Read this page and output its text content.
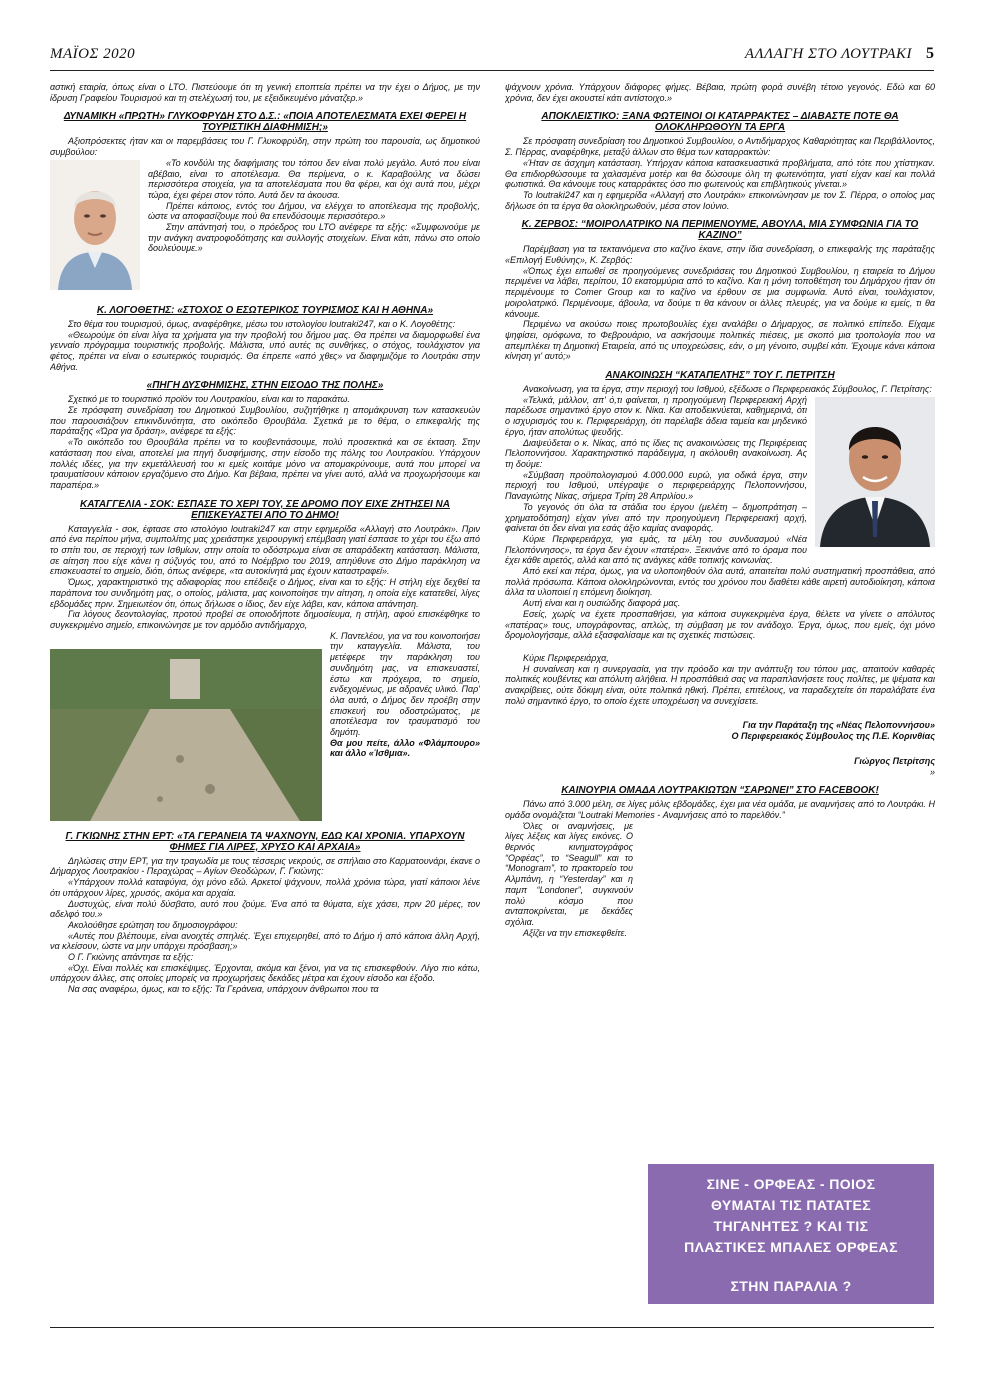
ΜΑΪΟΣ 2020	ΑΛΛΑΓΗ ΣΤΟ ΛΟΥΤΡΑΚΙ 5

αστική εταιρία, όπως είναι ο LTO. Πιστεύουμε ότι τη γενική εποπτεία πρέπει να την έχει ο Δήμος, με την ίδρυση Γραφείου Τουρισμού και τη στελέχωσή του, με εξειδικευμένο μάνατζερ.»

ΔΥΝΑΜΙΚΗ «ΠΡΩΤΗ» ΓΛΥΚΟΦΡΥΔΗ ΣΤΟ Δ.Σ.: «ΠΟΙΑ ΑΠΟΤΕΛΕΣΜΑΤΑ ΕΧΕΙ ΦΕΡΕΙ Η ΤΟΥΡΙΣΤΙΚΗ ΔΙΑΦΗΜΙΣΗ;»

Αξιοπρόσεκτες ήταν και οι παρεμβάσεις του Γ. Γλυκοφρύδη, στην πρώτη του παρουσία, ως δημοτικού συμβούλου:

«Το κονδύλι της διαφήμισης του τόπου δεν είναι πολύ μεγάλο. Αυτό που είναι αβέβαιο, είναι το αποτέλεσμα. Θα περίμενα, ο κ. Καραβούλης να δώσει περισσότερα στοιχεία, για τα αποτελέσματα που θα φέρει, και όχι αυτά που, μέχρι τώρα, έχει φέρει στον τόπο. Αυτά δεν τα άκουσα.

Πρέπει κάποιος, εντός του Δήμου, να ελέγχει το αποτέλεσμα της προβολής, ώστε να αποφασίζουμε πού θα επενδύσουμε περισσότερο.»

Στην απάντησή του, ο πρόεδρος του LTO ανέφερε τα εξής: «Συμφωνούμε με την ανάγκη ανατροφοδότησης και συλλογής στοιχείων. Είναι κάτι, πάνω στο οποίο δουλεύουμε.»

Κ. ΛΟΓΟΘΕΤΗΣ: «ΣΤΟΧΟΣ Ο ΕΣΩΤΕΡΙΚΟΣ ΤΟΥΡΙΣΜΟΣ ΚΑΙ Η ΑΘΗΝΑ»

Στο θέμα του τουρισμού, όμως, αναφέρθηκε, μέσω του ιστολογίου loutraki247, και ο Κ. Λογοθέτης:

«Θεωρούμε ότι είναι λίγα τα χρήματα για την προβολή του δήμου μας. Θα πρέπει να διαμορφωθεί ένα γενναίο πρόγραμμα τουριστικής προβολής. Μάλιστα, υπό αυτές τις συνθήκες, ο στόχος, τουλάχιστον για φέτος, πρέπει να είναι ο εσωτερικός τουρισμός. Θα έπρεπε «από χθες» να διαφημιζόμε το Λουτράκι στην Αθήνα.

«ΠΗΓΗ ΔΥΣΦΗΜΙΣΗΣ, ΣΤΗΝ ΕΙΣΟΔΟ ΤΗΣ ΠΟΛΗΣ»

Σχετικό με το τουριστικό προϊόν του Λουτρακίου, είναι και το παρακάτω.

Σε πρόσφατη συνεδρίαση του Δημοτικού Συμβουλίου, συζητήθηκε η απομάκρυνση των κατασκευών που παρουσιάζουν επικινδυνότητα, στο οικόπεδο Θρουβάλα. Σχετικά με το θέμα, ο επικεφαλής της παράταξης «Ώρα για δράση», ανέφερε τα εξής:

«Το οικόπεδο του Θρουβάλα πρέπει να το κουβεντιάσουμε, πολύ προσεκτικά και σε έκταση. Στην κατάσταση που είναι, αποτελεί μια πηγή δυσφήμισης, στην είσοδο της πόλης του Λουτρακίου. Υπάρχουν πολλές ιδέες, για την εκμετάλλευσή του κι εμείς κοιτάμε μόνο να απομακρύνουμε, αυτά που μπορεί να τραυματίσουν κάποιον εργαζόμενο στο Δήμο. Και βέβαια, πρέπει να γίνει αυτό, αλλά να προχωρήσουμε και παραπέρα.»

ΚΑΤΑΓΓΕΛΙΑ - ΣΟΚ: ΕΣΠΑΣΕ ΤΟ ΧΕΡΙ ΤΟΥ, ΣΕ ΔΡΟΜΟ ΠΟΥ ΕΙΧΕ ΖΗΤΗΣΕΙ ΝΑ ΕΠΙΣΚΕΥΑΣΤΕΙ ΑΠΟ ΤΟ ΔΗΜΟ!

Καταγγελία - σοκ, έφτασε στο ιστολόγιο loutraki247 και στην εφημερίδα «Αλλαγή στο Λουτράκι». Πριν από ένα περίπου μήνα, συμπολίτης μας χρειάστηκε χειρουργική επέμβαση γιατί έσπασε το χέρι του έξω από το σπίτι του, σε περιοχή των Ισθμίων, στην οποία το οδόστρωμα είναι σε απαράδεκτη κατάσταση. Μάλιστα, σε αίτηση που είχε κάνει η σύζυγός του, από το Νοέμβριο του 2019, απηύθυνε στο Δήμο παράκληση να επισκευαστεί το σημείο, διότι, όπως ανέφερε, «τα αυτοκίνητά μας έχουν καταστραφεί».

Όμως, χαρακτηριστικό της αδιαφορίας που επέδειξε ο Δήμος, είναι και το εξής: Η στήλη είχε δεχθεί τα παράπονα του συνδημότη μας, ο οποίος, μάλιστα, μας κοινοποίησε την αίτηση, η οποία είχε κατατεθεί, λίγες εβδομάδες πριν. Σημειωτέον ότι, όπως δήλωσε ο ίδιος, δεν είχε λάβει, καν, κάποια απάντηση.

Για λόγους δεοντολογίας, προτού προβεί σε οποιοδήποτε δημοσίευμα, η στήλη, αφού επισκέφθηκε το συγκεκριμένο σημείο, επικοινώνησε με τον αρμόδιο αντιδήμαρχο,

Κ. Παντελέου, για να του κοινοποιήσει την καταγγελία. Μάλιστα, του μετέφερε την παράκληση του συνδημότη μας, να επισκευαστεί, έστω και πρόχειρα, το σημείο, ενδεχομένως, με αδρανές υλικό. Παρ' όλα αυτά, ο Δήμος δεν προέβη στην επισκευή του οδοστρώματος, με αποτέλεσμα τον τραυματισμό του δημότη.

Θα μου πείτε, άλλο «Φλάμπουρο» και άλλο «Ίσθμια».

Γ. ΓΚΙΩΝΗΣ ΣΤΗΝ ΕΡΤ: «ΤΑ ΓΕΡΑΝΕΙΑ ΤΑ ΨΑΧΝΟΥΝ, ΕΔΩ ΚΑΙ ΧΡΟΝΙΑ. ΥΠΑΡΧΟΥΝ ΦΗΜΕΣ ΓΙΑ ΛΙΡΕΣ, ΧΡΥΣΟ ΚΑΙ ΑΡΧΑΙΑ»

Δηλώσεις στην ΕΡΤ, για την τραγωδία με τους τέσσερις νεκρούς, σε σπήλαιο στο Καρματουνάρι, έκανε ο Δήμαρχος Λουτρακίου - Περαχώρας – Αγίων Θεοδώρων, Γ. Γκιώνης:

«Υπάρχουν πολλά καταφύγια, όχι μόνο εδώ. Αρκετοί ψάχνουν, πολλά χρόνια τώρα, γιατί κάποιοι λένε ότι υπάρχουν λίρες, χρυσός, ακόμα και αρχαία.

Δυστυχώς, είναι πολύ δύσβατο, αυτό που ζούμε. Ένα από τα θύματα, είχε χάσει, πριν 20 μέρες, τον αδελφό του.»

Ακολούθησε ερώτηση του δημοσιογράφου:

«Αυτές που βλέπουμε, είναι ανοιχτές σπηλιές. Έχει επιχειρηθεί, από το Δήμο ή από κάποια άλλη Αρχή, να κλείσουν, ώστε να μην υπάρχει πρόσβαση;»

Ο Γ. Γκιώνης απάντησε τα εξής:

«Όχι. Είναι πολλές και επισκέψιμες. Έρχονται, ακόμα και ξένοι, για να τις επισκεφθούν. Λίγο πιο κάτω, υπάρχουν άλλες, στις οποίες μπορείς να προχωρήσεις δεκάδες μέτρα και έχουν είσοδο και έξοδο.

Να σας αναφέρω, όμως, και το εξής: Τα Γεράνεια, υπάρχουν άνθρωποι που τα

ψάχνουν χρόνια. Υπάρχουν διάφορες φήμες. Βέβαια, πρώτη φορά συνέβη τέτοιο γεγονός. Εδώ και 60 χρόνια, δεν έχει ακουστεί κάτι αντίστοιχο.»

ΑΠΟΚΛΕΙΣΤΙΚΟ: ΞΑΝΑ ΦΩΤΕΙΝΟΙ ΟΙ ΚΑΤΑΡΡΑΚΤΕΣ – ΔΙΑΒΑΣΤΕ ΠΟΤΕ ΘΑ ΟΛΟΚΛΗΡΩΘΟΥΝ ΤΑ ΕΡΓΑ

Σε πρόσφατη συνεδρίαση του Δημοτικού Συμβουλίου, ο Αντιδήμαρχος Καθαριότητας και Περιβάλλοντος, Σ. Πέρρας, αναφέρθηκε, μεταξύ άλλων στο θέμα των καταρρακτών:

«Ήταν σε άσχημη κατάσταση. Υπήρχαν κάποια κατασκευαστικά προβλήματα, από τότε που χτίστηκαν. Θα επιδιορθώσουμε τα χαλασμένα μοτέρ και θα δώσουμε όλη τη φωτεινότητα, γιατί είχαν καεί και πολλά φωτιστικά. Θα κάνουμε τους καταρράκτες όσο πιο φωτεινούς και επιβλητικούς γίνεται.»

Το loutraki247 και η εφημερίδα «Αλλαγή στο Λουτράκι» επικοινώνησαν με τον Σ. Πέρρα, ο οποίος μας δήλωσε ότι τα έργα θα ολοκληρωθούν, μέσα στον Ιούνιο.

Κ. ΖΕΡΒΟΣ: “ΜΟΙΡΟΛΑΤΡΙΚΟ ΝΑ ΠΕΡΙΜΕΝΟΥΜΕ, ΑΒΟΥΛΑ, ΜΙΑ ΣΥΜΦΩΝΙΑ ΓΙΑ ΤΟ ΚΑΖΙΝΟ”

Παρέμβαση για τα τεκταινόμενα στο καζίνο έκανε, στην ίδια συνεδρίαση, ο επικεφαλής της παράταξης «Επιλογή Ευθύνης», Κ. Ζερβός:

«Όπως έχει ειπωθεί σε προηγούμενες συνεδριάσεις του Δημοτικού Συμβουλίου, η εταιρεία το Δήμου περιμένει να λάβει, περίπου, 10 εκατομμύρια από το καζίνο. Και η μόνη τοποθέτηση του Δημάρχου ήταν ότι περιμένουμε το Comer Group και το καζίνο να έρθουν σε μια συμφωνία. Αυτό είναι, τουλάχιστον, μοιρολατρικό. Περιμένουμε, άβουλα, να δούμε τι θα κάνουν οι άλλες πλευρές, για να δούμε κι εμείς, τι θα κάνουμε.

Περιμένω να ακούσω ποιες πρωτοβουλίες έχει αναλάβει ο Δήμαρχος, σε πολιτικό επίπεδο. Είχαμε ψηφίσει, ομόφωνα, το Φεβρουάριο, να ασκήσουμε πολιτικές πιέσεις, με σκοπό μια τροπολογία που να απεμπλέκει τη Δημοτική Εταιρεία, από τις υποχρεώσεις, εάν, ο μη γένοιτο, συμβεί κάτι. Έχουμε κάνει κάποια κίνηση γι' αυτό;»

ΑΝΑΚΟΙΝΩΣΗ “ΚΑΤΑΠΕΛΤΗΣ” ΤΟΥ Γ. ΠΕΤΡΙΤΣΗ

Ανακοίνωση, για τα έργα, στην περιοχή του Ισθμού, εξέδωσε ο Περιφερειακός Σύμβουλος, Γ. Πετρίτσης:

«Τελικά, μάλλον, απ' ό,τι φαίνεται, η προηγούμενη Περιφερειακή Αρχή παρέδωσε σημαντικό έργο στον κ. Νίκα. Και αποδεικνύεται, καθημερινά, ότι ο ισχυρισμός του κ. Περιφερειάρχη, ότι παρέλαβε άδεια ταμεία και μηδενικό έργο, ήταν απολύτως ψευδής.

Διαψεύδεται ο κ. Νίκας, από τις ίδιες τις ανακοινώσεις της Περιφέρειας Πελοποννήσου. Χαρακτηριστικό παράδειγμα, η ακόλουθη ανακοίνωση. Ας τη δούμε:

«Σύμβαση προϋπολογισμού 4.000.000 ευρώ, για οδικά έργα, στην περιοχή του Ισθμού, υπέγραψε ο περιφερειάρχης Πελοποννήσου, Παναγιώτης Νίκας, σήμερα Τρίτη 28 Απριλίου.»

Το γεγονός ότι όλα τα στάδια του έργου (μελέτη – δημοπράτηση – χρηματοδότηση) είχαν γίνει από την προηγούμενη Περιφερειακή αρχή, φαίνεται ότι δεν είναι για εσάς άξιο καμίας αναφοράς.

Κύριε Περιφερειάρχα, για εμάς, τα μέλη του συνδυασμού «Νέα Πελοπόννησος», τα έργα δεν έχουν «πατέρα». Ξεκινάνε από το όραμα που έχει κάθε αιρετός, αλλά και από τις ανάγκες κάθε τοπικής κοινωνίας.

Από εκεί και πέρα, όμως, για να υλοποιηθούν όλα αυτά, απαιτείται πολύ συστηματική προσπάθεια, από πολλά πρόσωπα. Κάποια ολοκληρώνονται, εντός του χρόνου που διαθέτει κάθε αιρετή αυτοδιοίκηση, κάποια άλλα τα υλοποιεί η επόμενη διοίκηση.

Αυτή είναι και η ουσιώδης διαφορά μας.

Εσείς, χωρίς να έχετε προσπαθήσει, για κάποια συγκεκριμένα έργα, θέλετε να γίνετε ο απόλυτος «πατέρας» τους, υπογράφοντας, απλώς, τη σύμβαση με τον ανάδοχο. Έργα, όμως, που εμείς, όχι μόνο δρομολογήσαμε, αλλά εξασφαλίσαμε και τις σχετικές πιστώσεις.

Κύριε Περιφερειάρχα,

Η συναίνεση και η συνεργασία, για την πρόοδο και την ανάπτυξη του τόπου μας, απαιτούν καθαρές πολιτικές κουβέντες και απόλυτη αλήθεια. Η προσπάθειά σας να παραπλανήσετε τους πολίτες, με ψέματα και ανακρίβειες, ούτε δόκιμη είναι, ούτε πολιτικά ηθική. Πρέπει, επιτέλους, να παραδεχτείτε ότι παραλάβατε ένα πολύ σημαντικό έργο, το οποίο έχετε υποχρέωση να συνεχίσετε.

Για την Παράταξη της «Νέας Πελοποννήσου»

Ο Περιφερειακός Σύμβουλος της Π.Ε. Κορινθίας

Γιώργος Πετρίτσης

»

ΚΑΙΝΟΥΡΙΑ ΟΜΑΔΑ ΛΟΥΤΡΑΚΙΩΤΩΝ “ΣΑΡΩΝΕΙ” ΣΤΟ FACEBOOK!

Πάνω από 3.000 μέλη, σε λίγες μόλις εβδομάδες, έχει μια νέα ομάδα, με αναμνήσεις από το Λουτράκι. Η ομάδα ονομάζεται “Loutraki Memories - Αναμνήσεις από το παρελθόν.”

Όλες οι αναμνήσεις, με λίγες λέξεις και λίγες εικόνες. Ο θερινός κινηματογράφος “Ορφέας”, το “Seagull” και το “Monogram”, το πρακτορείο του Αλμπάνη, η “Yesterday” και η παμπ “Londoner”, συγκινούν πολύ κόσμο που ανταποκρίνεται, με δεκάδες σχόλια.

Αξίζει να την επισκεφθείτε.

ΣΙΝΕ - ΟΡΦΕΑΣ - ΠΟΙΟΣ
ΘΥΜΑΤΑΙ ΤΙΣ ΠΑΤΑΤΕΣ
ΤΗΓΑΝΗΤΕΣ ? ΚΑΙ ΤΙΣ
ΠΛΑΣΤΙΚΕΣ ΜΠΑΛΕΣ ΟΡΦΕΑΣ
ΣΤΗΝ ΠΑΡΑΛΙΑ ?
